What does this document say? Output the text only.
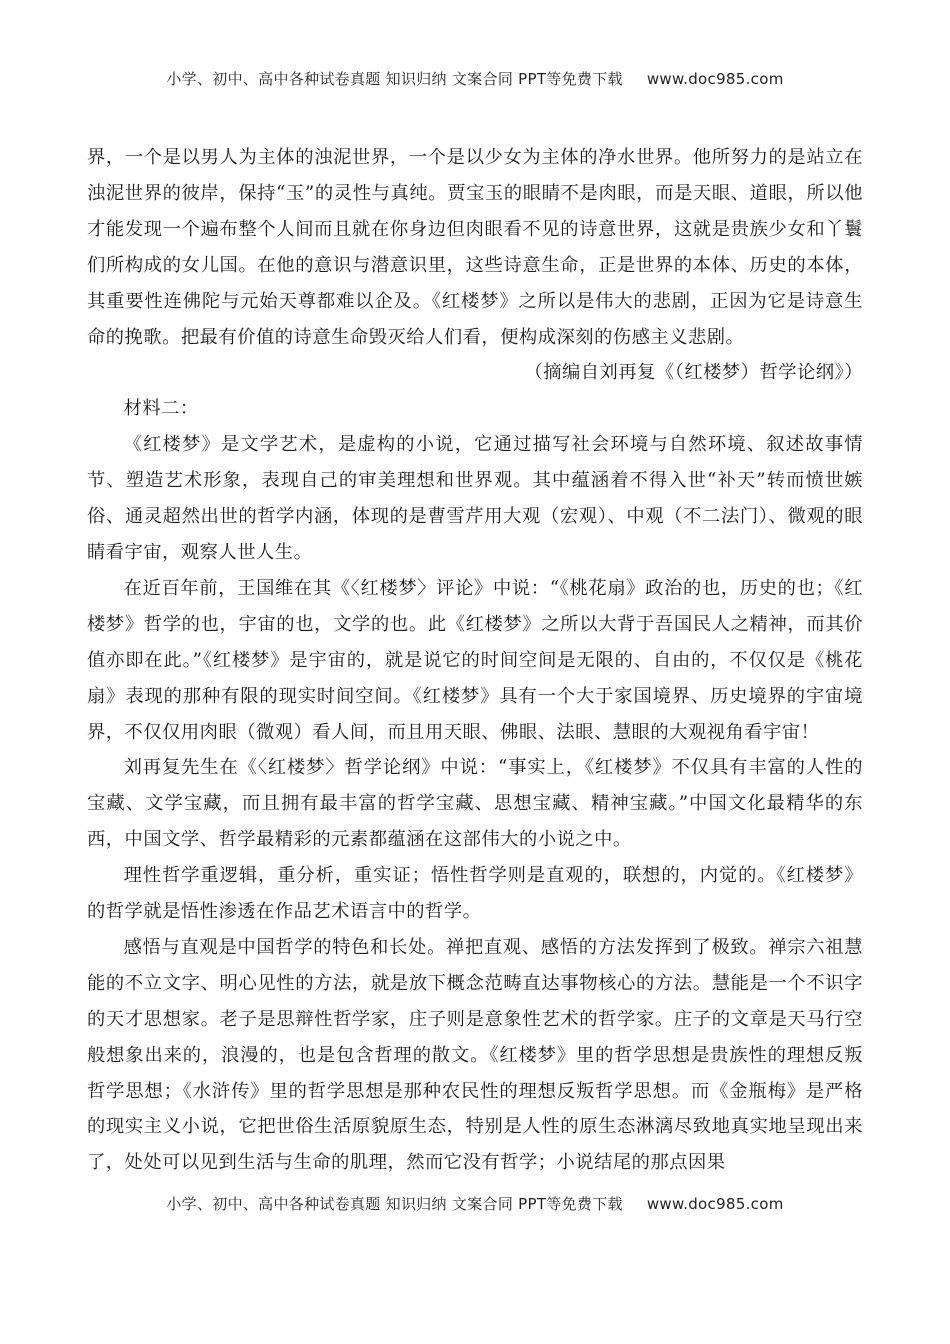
小学、初中、高中各种试卷真题 知识归纳 文案合同 PPT等免费下载 www.doc985.com

界，一个是以男人为主体的浊泥世界，一个是以少女为主体的净水世界。他所努力的是站立在浊泥世界的彼岸，保持“玉”的灵性与真纯。贾宝玉的眼睛不是肉眼，而是天眼、道眼，所以他才能发现一个遍布整个人间而且就在你身边但肉眼看不见的诗意世界，这就是贵族少女和丫鬟们所构成的女儿国。在他的意识与潜意识里，这些诗意生命，正是世界的本体、历史的本体，其重要性连佛陀与元始天尊都难以企及。《红楼梦》之所以是伟大的悲剧，正因为它是诗意生命的挽歌。把最有价值的诗意生命毁灭给人们看，便构成深刻的伤感主义悲剧。

（摘编自刘再复《（红楼梦）哲学论纲》）

材料二：

《红楼梦》是文学艺术，是虚构的小说，它通过描写社会环境与自然环境、叙述故事情节、塑造艺术形象，表现自己的审美理想和世界观。其中蕴涵着不得入世“补天”转而愤世嫉俗、通灵超然出世的哲学内涵，体现的是曹雪芹用大观（宏观）、中观（不二法门）、微观的眼睛看宇宙，观察人世人生。

在近百年前，王国维在其《〈红楼梦〉评论》中说：“《桃花扇》政治的也，历史的也；《红楼梦》哲学的也，宇宙的也，文学的也。此《红楼梦》之所以大背于吾国民人之精神，而其价值亦即在此。”《红楼梦》是宇宙的，就是说它的时间空间是无限的、自由的，不仅仅是《桃花扇》表现的那种有限的现实时间空间。《红楼梦》具有一个大于家国境界、历史境界的宇宙境界，不仅仅用肉眼（微观）看人间，而且用天眼、佛眼、法眼、慧眼的大观视角看宇宙！

刘再复先生在《〈红楼梦〉哲学论纲》中说：“事实上，《红楼梦》不仅具有丰富的人性的宝藏、文学宝藏，而且拥有最丰富的哲学宝藏、思想宝藏、精神宝藏。”中国文化最精华的东西，中国文学、哲学最精彩的元素都蕴涵在这部伟大的小说之中。

理性哲学重逻辑，重分析，重实证；悟性哲学则是直观的，联想的，内觉的。《红楼梦》的哲学就是悟性渗透在作品艺术语言中的哲学。

感悟与直观是中国哲学的特色和长处。禅把直观、感悟的方法发挥到了极致。禅宗六祖慧能的不立文字、明心见性的方法，就是放下概念范畴直达事物核心的方法。慧能是一个不识字的天才思想家。老子是思辩性哲学家，庄子则是意象性艺术的哲学家。庄子的文章是天马行空般想象出来的，浪漫的，也是包含哲理的散文。《红楼梦》里的哲学思想是贵族性的理想反叛哲学思想；《水浒传》里的哲学思想是那种农民性的理想反叛哲学思想。而《金瓶梅》是严格的现实主义小说，它把世俗生活原貌原生态，特别是人性的原生态淋漓尽致地真实地呈现出来了，处处可以见到生活与生命的肌理，然而它没有哲学；小说结尾的那点因果

小学、初中、高中各种试卷真题 知识归纳 文案合同 PPT等免费下载 www.doc985.com
